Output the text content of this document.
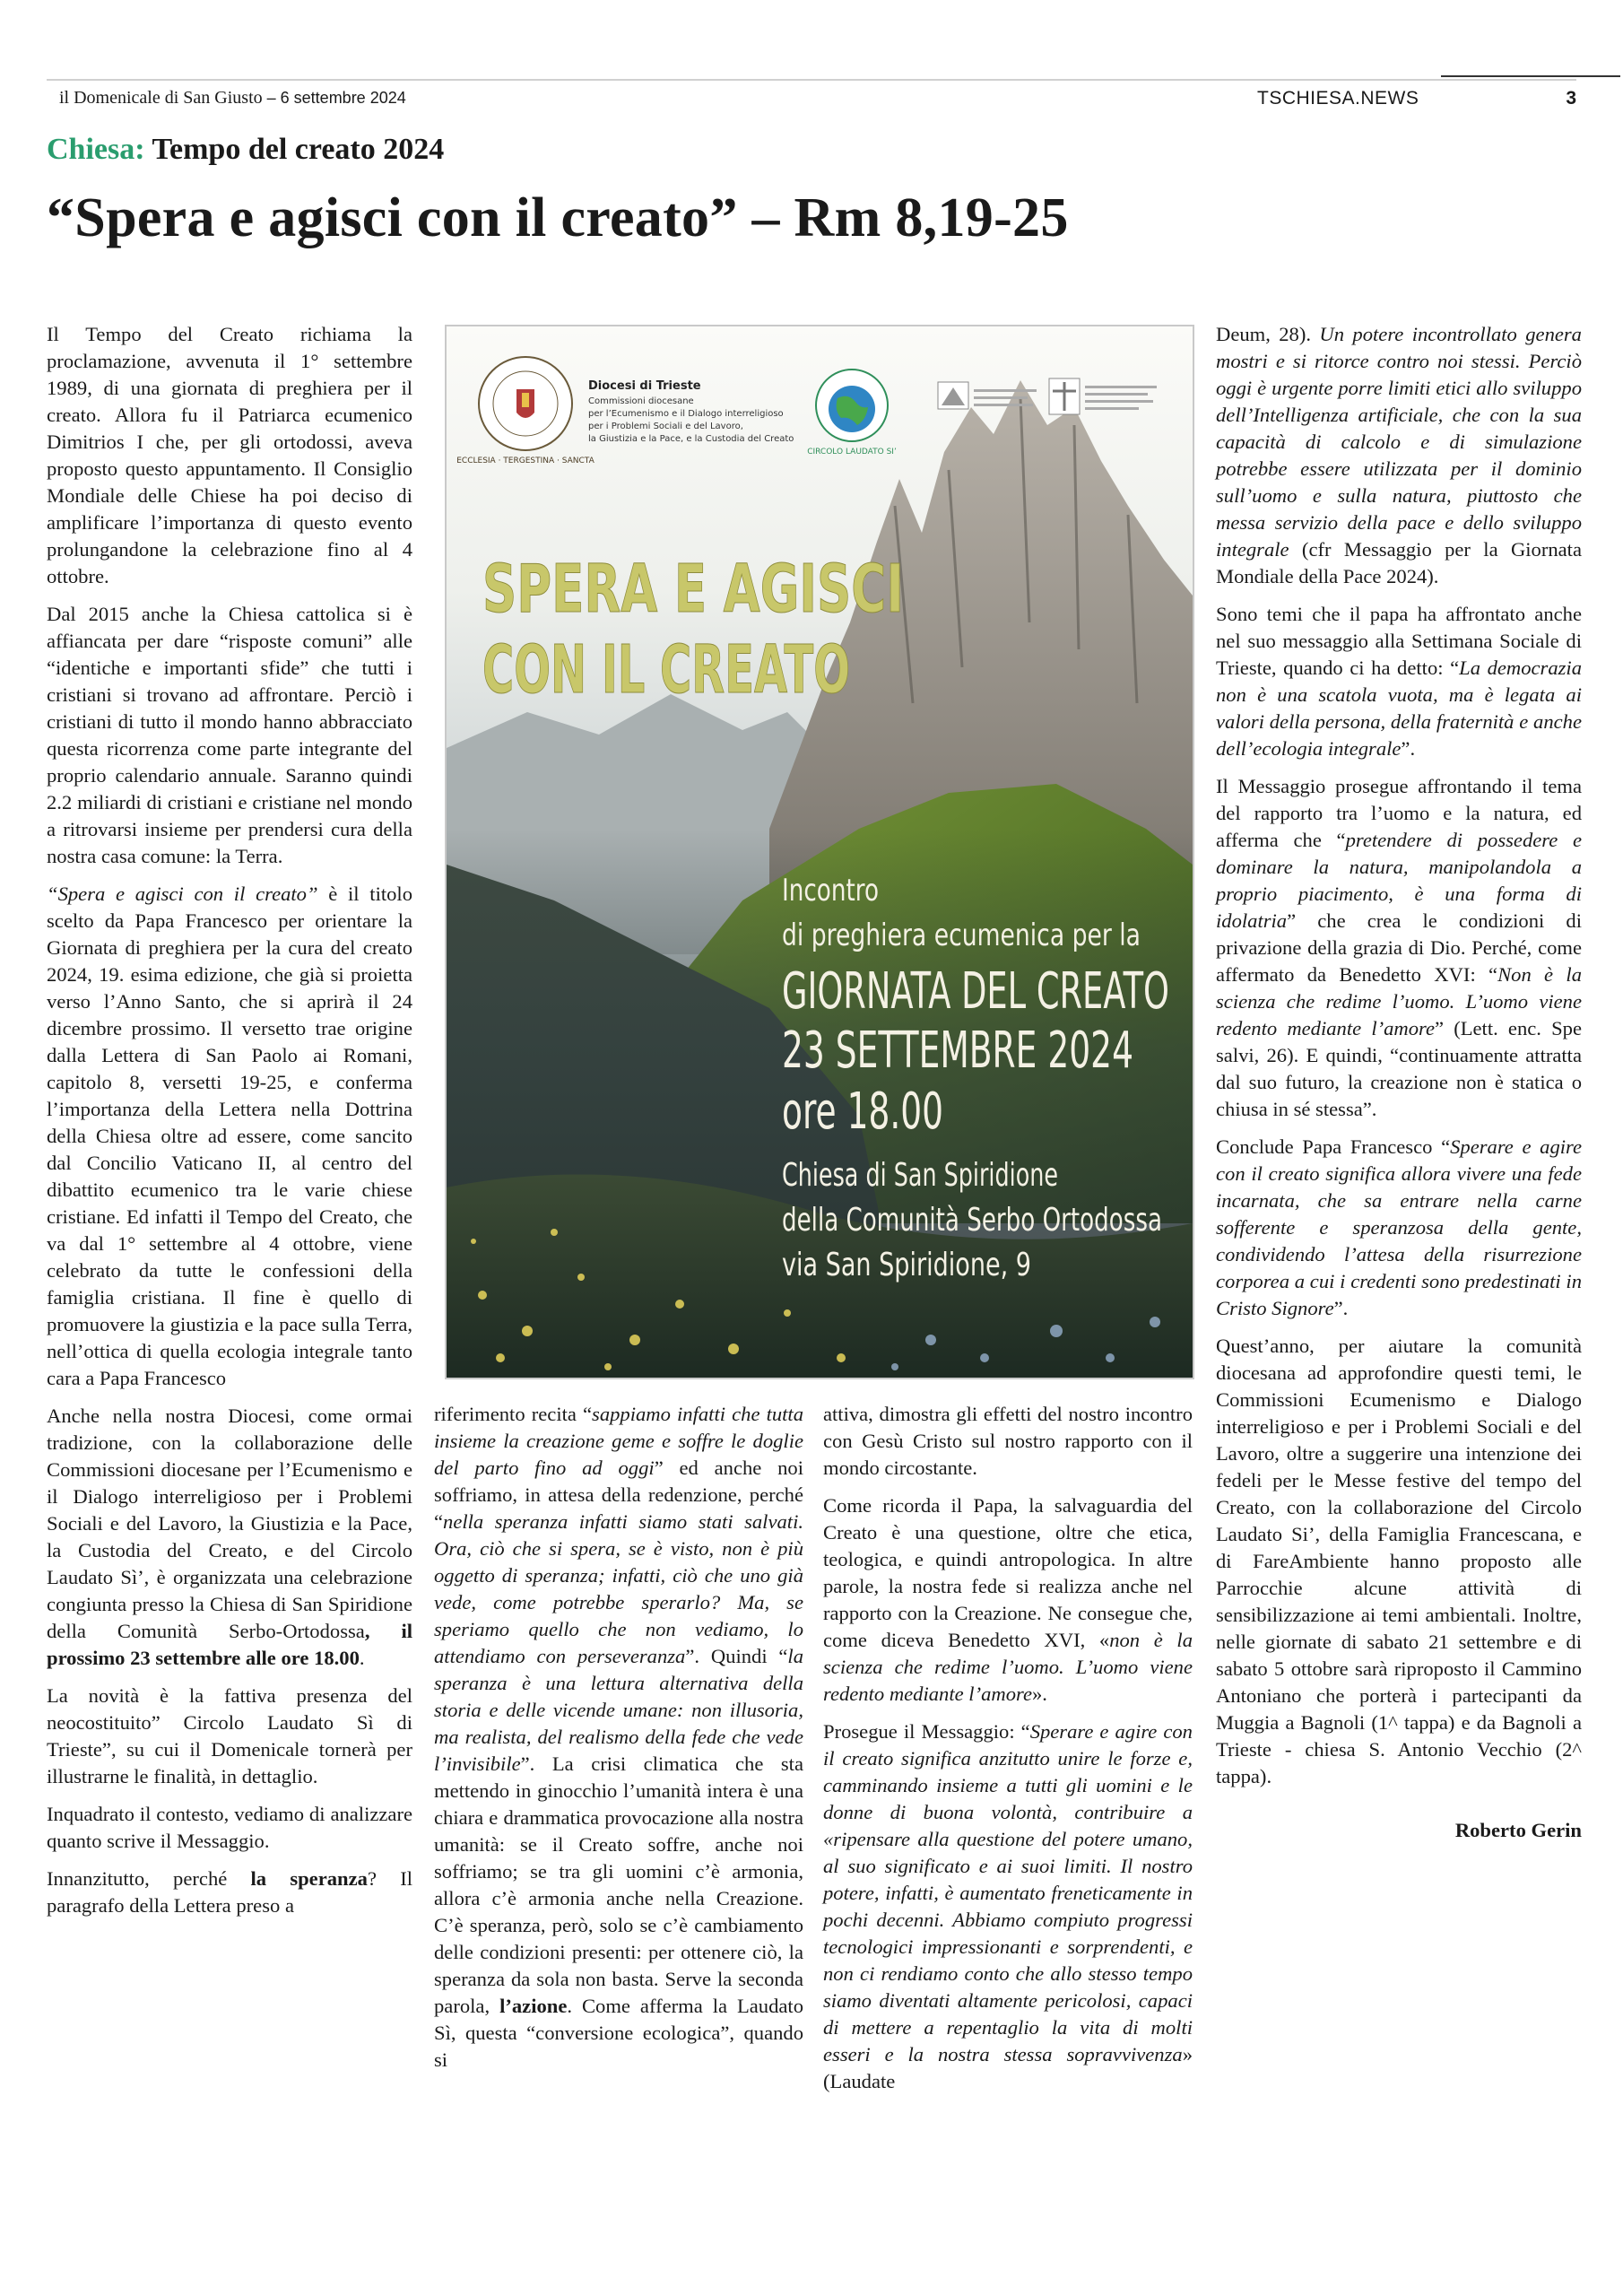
il Domenicale di San Giusto – 6 settembre 2024	TSCHIESA.NEWS	3
Chiesa: Tempo del creato 2024
“Spera e agisci con il creato” – Rm 8,19-25

Il Tempo del Creato richiama la proclamazione, avvenuta il 1° settembre 1989, di una giornata di preghiera per il creato. Allora fu il Patriarca ecumenico Dimitrios I che, per gli ortodossi, aveva proposto questo appuntamento. Il Consiglio Mondiale delle Chiese ha poi deciso di amplificare l’importanza di questo evento prolungandone la celebrazione fino al 4 ottobre.

Dal 2015 anche la Chiesa cattolica si è affiancata per dare “risposte comuni” alle “identiche e importanti sfide” che tutti i cristiani si trovano ad affrontare. Perciò i cristiani di tutto il mondo hanno abbracciato questa ricorrenza come parte integrante del proprio calendario annuale. Saranno quindi 2.2 miliardi di cristiani e cristiane nel mondo a ritrovarsi insieme per prendersi cura della nostra casa comune: la Terra.

“Spera e agisci con il creato” è il titolo scelto da Papa Francesco per orientare la Giornata di preghiera per la cura del creato 2024, 19. esima edizione, che già si proietta verso l’Anno Santo, che si aprirà il 24 dicembre prossimo. Il versetto trae origine dalla Lettera di San Paolo ai Romani, capitolo 8, versetti 19-25, e conferma l’importanza della Lettera nella Dottrina della Chiesa oltre ad essere, come sancito dal Concilio Vaticano II, al centro del dibattito ecumenico tra le varie chiese cristiane. Ed infatti il Tempo del Creato, che va dal 1° settembre al 4 ottobre, viene celebrato da tutte le confessioni della famiglia cristiana. Il fine è quello di promuovere la giustizia e la pace sulla Terra, nell’ottica di quella ecologia integrale tanto cara a Papa Francesco

Anche nella nostra Diocesi, come ormai tradizione, con la collaborazione delle Commissioni diocesane per l’Ecumenismo e il Dialogo interreligioso per i Problemi Sociali e del Lavoro, la Giustizia e la Pace, la Custodia del Creato, e del Circolo Laudato Sì’, è organizzata una celebrazione congiunta presso la Chiesa di San Spiridione della Comunità Serbo-Ortodossa, il prossimo 23 settembre alle ore 18.00.

La novità è la fattiva presenza del neocostituito” Circolo Laudato Sì di Trieste”, su cui il Domenicale tornerà per illustrarne le finalità, in dettaglio.

Inquadrato il contesto, vediamo di analizzare quanto scrive il Messaggio.

Innanzitutto, perché la speranza? Il paragrafo della Lettera preso a

ECCLESIA · TERGESTINA · SANCTA
Diocesi di Trieste
Commissioni diocesane
per l’Ecumenismo e il Dialogo interreligioso
per i Problemi Sociali e del Lavoro,
la Giustizia e la Pace, e la Custodia del Creato
CIRCOLO LAUDATO SI’
SPERA E AGISCI
CON IL CREATO
Incontro
di preghiera ecumenica per la
GIORNATA DEL CREATO
23 SETTEMBRE 2024
ore 18.00
Chiesa di San Spiridione
della Comunità Serbo Ortodossa
via San Spiridione, 9

riferimento recita “sappiamo infatti che tutta insieme la creazione geme e soffre le doglie del parto fino ad oggi” ed anche noi soffriamo, in attesa della redenzione, perché “nella speranza infatti siamo stati salvati. Ora, ciò che si spera, se è visto, non è più oggetto di speranza; infatti, ciò che uno già vede, come potrebbe sperarlo? Ma, se speriamo quello che non vediamo, lo attendiamo con perseveranza”. Quindi “la speranza è una lettura alternativa della storia e delle vicende umane: non illusoria, ma realista, del realismo della fede che vede l’invisibile”. La crisi climatica che sta mettendo in ginocchio l’umanità intera è una chiara e drammatica provocazione alla nostra umanità: se il Creato soffre, anche noi soffriamo; se tra gli uomini c’è armonia, allora c’è armonia anche nella Creazione. C’è speranza, però, solo se c’è cambiamento delle condizioni presenti: per ottenere ciò, la speranza da sola non basta. Serve la seconda parola, l’azione. Come afferma la Laudato Sì, questa “conversione ecologica”, quando si

attiva, dimostra gli effetti del nostro incontro con Gesù Cristo sul nostro rapporto con il mondo circostante.

Come ricorda il Papa, la salvaguardia del Creato è una questione, oltre che etica, teologica, e quindi antropologica. In altre parole, la nostra fede si realizza anche nel rapporto con la Creazione. Ne consegue che, come diceva Benedetto XVI, «non è la scienza che redime l’uomo. L’uomo viene redento mediante l’amore».

Prosegue il Messaggio: “Sperare e agire con il creato significa anzitutto unire le forze e, camminando insieme a tutti gli uomini e le donne di buona volontà, contribuire a «ripensare alla questione del potere umano, al suo significato e ai suoi limiti. Il nostro potere, infatti, è aumentato freneticamente in pochi decenni. Abbiamo compiuto progressi tecnologici impressionanti e sorprendenti, e non ci rendiamo conto che allo stesso tempo siamo diventati altamente pericolosi, capaci di mettere a repentaglio la vita di molti esseri e la nostra stessa sopravvivenza» (Laudate

Deum, 28). Un potere incontrollato genera mostri e si ritorce contro noi stessi. Perciò oggi è urgente porre limiti etici allo sviluppo dell’Intelligenza artificiale, che con la sua capacità di calcolo e di simulazione potrebbe essere utilizzata per il dominio sull’uomo e sulla natura, piuttosto che messa servizio della pace e dello sviluppo integrale (cfr Messaggio per la Giornata Mondiale della Pace 2024).

Sono temi che il papa ha affrontato anche nel suo messaggio alla Settimana Sociale di Trieste, quando ci ha detto: “La democrazia non è una scatola vuota, ma è legata ai valori della persona, della fraternità e anche dell’ecologia integrale”.

Il Messaggio prosegue affrontando il tema del rapporto tra l’uomo e la natura, ed afferma che “pretendere di possedere e dominare la natura, manipolandola a proprio piacimento, è una forma di idolatria” che crea le condizioni di privazione della grazia di Dio. Perché, come affermato da Benedetto XVI: “Non è la scienza che redime l’uomo. L’uomo viene redento mediante l’amore” (Lett. enc. Spe salvi, 26). E quindi, “continuamente attratta dal suo futuro, la creazione non è statica o chiusa in sé stessa”.

Conclude Papa Francesco “Sperare e agire con il creato significa allora vivere una fede incarnata, che sa entrare nella carne sofferente e speranzosa della gente, condividendo l’attesa della risurrezione corporea a cui i credenti sono predestinati in Cristo Signore”.

Quest’anno, per aiutare la comunità diocesana ad approfondire questi temi, le Commissioni Ecumenismo e Dialogo interreligioso e per i Problemi Sociali e del Lavoro, oltre a suggerire una intenzione dei fedeli per le Messe festive del tempo del Creato, con la collaborazione del Circolo Laudato Si’, della Famiglia Francescana, e di FareAmbiente hanno proposto alle Parrocchie alcune attività di sensibilizzazione ai temi ambientali. Inoltre, nelle giornate di sabato 21 settembre e di sabato 5 ottobre sarà riproposto il Cammino Antoniano che porterà i partecipanti da Muggia a Bagnoli (1^ tappa) e da Bagnoli a Trieste - chiesa S. Antonio Vecchio (2^ tappa).

Roberto Gerin
